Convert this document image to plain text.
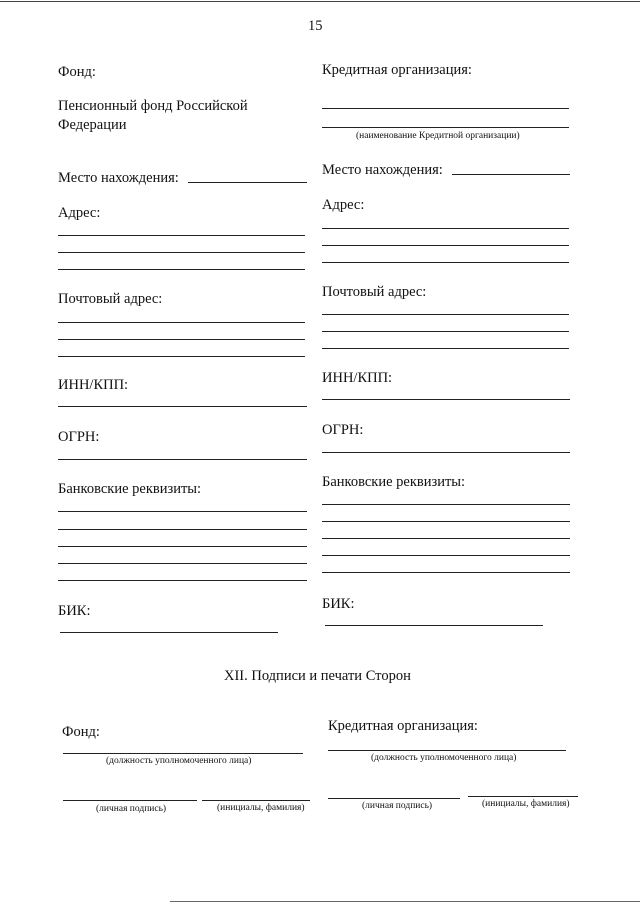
15
Фонд:
Пенсионный фонд Российской
Федерации
Место нахождения:
Адрес:
Почтовый адрес:
ИНН/КПП:
ОГРН:
Банковские реквизиты:
БИК:
Кредитная организация:
(наименование Кредитной организации)
Место нахождения:
Адрес:
Почтовый адрес:
ИНН/КПП:
ОГРН:
Банковские реквизиты:
БИК:
XII. Подписи и печати Сторон
Фонд:
(должность уполномоченного лица)
(личная подпись)	(инициалы, фамилия)
Кредитная организация:
(должность уполномоченного лица)
(личная подпись)	(инициалы, фамилия)
